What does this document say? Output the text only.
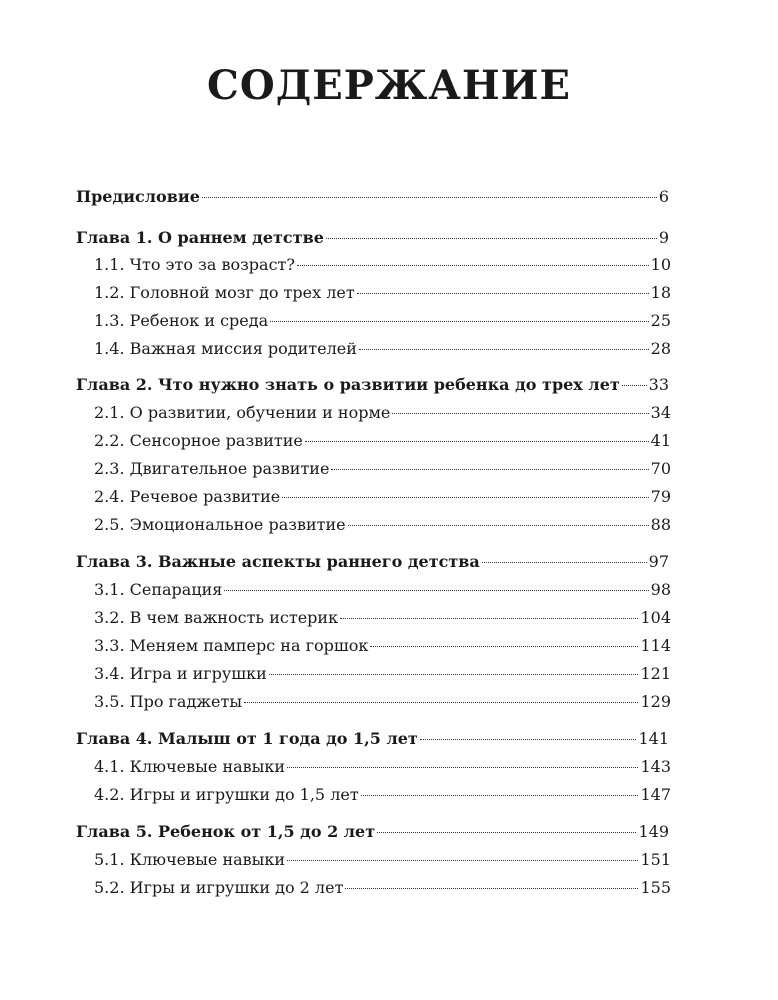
СОДЕРЖАНИЕ
Предисловие	6
Глава 1. О раннем детстве	9
1.1. Что это за возраст?	10
1.2. Головной мозг до трех лет	18
1.3. Ребенок и среда	25
1.4. Важная миссия родителей	28
Глава 2. Что нужно знать о развитии ребенка до трех лет 33
2.1. О развитии, обучении и норме	34
2.2. Сенсорное развитие	41
2.3. Двигательное развитие	70
2.4. Речевое развитие	79
2.5. Эмоциональное развитие	88
Глава 3. Важные аспекты раннего детства	97
3.1. Сепарация	98
3.2. В чем важность истерик	104
3.3. Меняем памперс на горшок	114
3.4. Игра и игрушки	121
3.5. Про гаджеты	129
Глава 4. Малыш от 1 года до 1,5 лет	141
4.1. Ключевые навыки	143
4.2. Игры и игрушки до 1,5 лет	147
Глава 5. Ребенок от 1,5 до 2 лет	149
5.1. Ключевые навыки	151
5.2. Игры и игрушки до 2 лет	155
